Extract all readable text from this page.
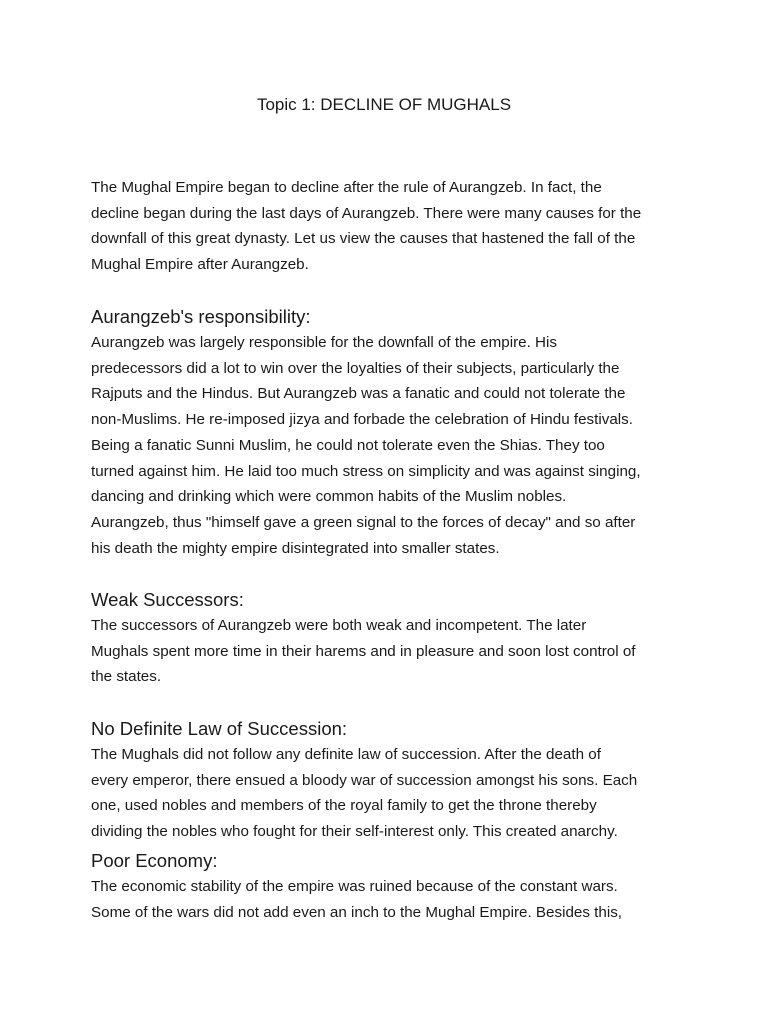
Topic 1: DECLINE OF MUGHALS

The Mughal Empire began to decline after the rule of Aurangzeb. In fact, the
decline began during the last days of Aurangzeb. There were many causes for the
downfall of this great dynasty. Let us view the causes that hastened the fall of the
Mughal Empire after Aurangzeb.

Aurangzeb's responsibility:

Aurangzeb was largely responsible for the downfall of the empire. His
predecessors did a lot to win over the loyalties of their subjects, particularly the
Rajputs and the Hindus. But Aurangzeb was a fanatic and could not tolerate the
non-Muslims. He re-imposed jizya and forbade the celebration of Hindu festivals.
Being a fanatic Sunni Muslim, he could not tolerate even the Shias. They too
turned against him. He laid too much stress on simplicity and was against singing,
dancing and drinking which were common habits of the Muslim nobles.
Aurangzeb, thus "himself gave a green signal to the forces of decay" and so after
his death the mighty empire disintegrated into smaller states.

Weak Successors:

The successors of Aurangzeb were both weak and incompetent. The later
Mughals spent more time in their harems and in pleasure and soon lost control of
the states.

No Definite Law of Succession:

The Mughals did not follow any definite law of succession. After the death of
every emperor, there ensued a bloody war of succession amongst his sons. Each
one, used nobles and members of the royal family to get the throne thereby
dividing the nobles who fought for their self-interest only. This created anarchy.

Poor Economy:

The economic stability of the empire was ruined because of the constant wars.
Some of the wars did not add even an inch to the Mughal Empire. Besides this,
